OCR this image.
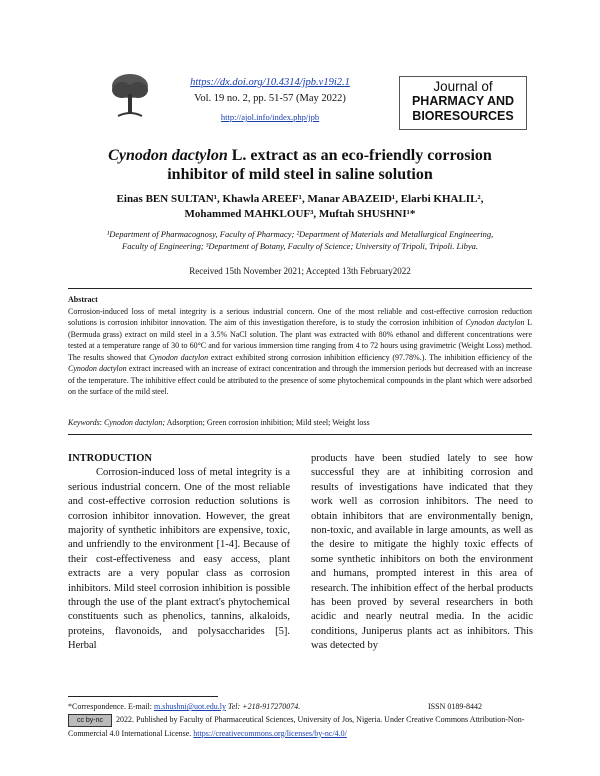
https://dx.doi.org/10.4314/jpb.v19i2.1
Vol. 19 no. 2, pp. 51-57 (May 2022)
http://ajol.info/index.php/jpb
Journal of
PHARMACY AND
BIORESOURCES
Cynodon dactylon L. extract as an eco-friendly corrosion inhibitor of mild steel in saline solution
Einas BEN SULTAN¹, Khawla AREEF¹, Manar ABAZEID¹, Elarbi KHALIL²,
Mohammed MAHKLOUF³, Muftah SHUSHNI¹*
¹Department of Pharmacognosy, Faculty of Pharmacy; ²Department of Materials and Metallurgical Engineering,
Faculty of Engineering; ³Department of Botany, Faculty of Science; University of Tripoli, Tripoli. Libya.
Received 15th November 2021; Accepted 13th February2022
Abstract
Corrosion-induced loss of metal integrity is a serious industrial concern. One of the most reliable and cost-effective corrosion reduction solutions is corrosion inhibitor innovation. The aim of this investigation therefore, is to study the corrosion inhibition of Cynodon dactylon L (Bermuda grass) extract on mild steel in a 3.5% NaCl solution. The plant was extracted with 80% ethanol and different concentrations were tested at a temperature range of 30 to 60°C and for various immersion time ranging from 4 to 72 hours using gravimetric (Weight Loss) method. The results showed that Cynodon dactylon extract exhibited strong corrosion inhibition efficiency (97.78%.). The inhibition efficiency of the Cynodon dactylon extract increased with an increase of extract concentration and through the immersion periods but decreased with an increase of the temperature. The inhibitive effect could be attributed to the presence of some phytochemical compounds in the plant which were adsorbed on the surface of the mild steel.
Keywords: Cynodon dactylon; Adsorption; Green corrosion inhibition; Mild steel; Weight loss
INTRODUCTION
Corrosion-induced loss of metal integrity is a serious industrial concern. One of the most reliable and cost-effective corrosion reduction solutions is corrosion inhibitor innovation. However, the great majority of synthetic inhibitors are expensive, toxic, and unfriendly to the environment [1-4]. Because of their cost-effectiveness and easy access, plant extracts are a very popular class as corrosion inhibitors. Mild steel corrosion inhibition is possible through the use of the plant extract's phytochemical constituents such as phenolics, tannins, alkaloids, proteins, flavonoids, and polysaccharides [5]. Herbal
products have been studied lately to see how successful they are at inhibiting corrosion and results of investigations have indicated that they work well as corrosion inhibitors. The need to obtain inhibitors that are environmentally benign, non-toxic, and available in large amounts, as well as the desire to mitigate the highly toxic effects of some synthetic inhibitors on both the environment and humans, prompted interest in this area of research. The inhibition effect of the herbal products has been proved by several researchers in both acidic and nearly neutral media. In the acidic conditions, Juniperus plants act as inhibitors. This was detected by
*Correspondence. E-mail: m.shushni@uot.edu.ly Tel: +218-917270074.	ISSN 0189-8442
cc by-nc 2022. Published by Faculty of Pharmaceutical Sciences, University of Jos, Nigeria. Under Creative Commons Attribution-Non-Commercial 4.0 International License. https://creativecommons.org/licenses/by-nc/4.0/
